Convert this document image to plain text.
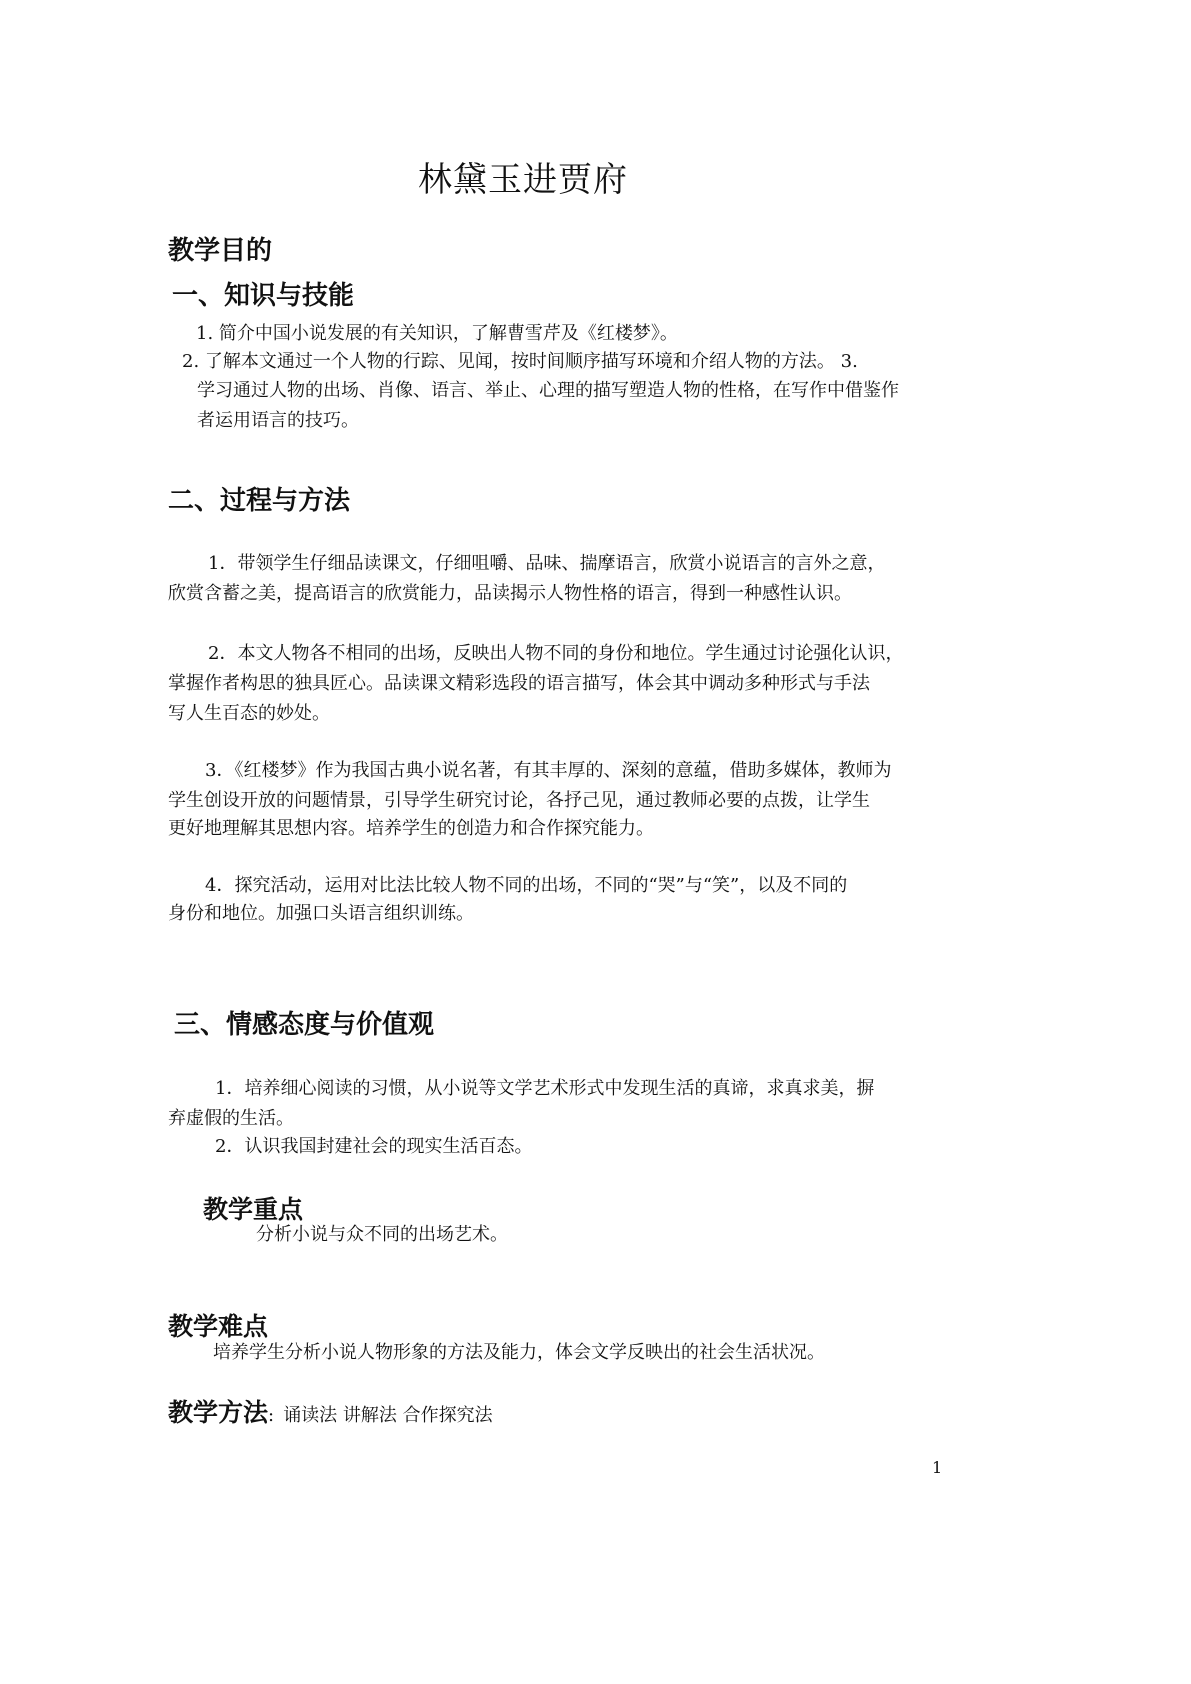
林黛玉进贾府
教学目的
一、知识与技能
1. 简介中国小说发展的有关知识，了解曹雪芹及《红楼梦》。
2. 了解本文通过一个人物的行踪、见闻，按时间顺序描写环境和介绍人物的方法。 3.
学习通过人物的出场、肖像、语言、举止、心理的描写塑造人物的性格，在写作中借鉴作
者运用语言的技巧。
二、过程与方法
1．带领学生仔细品读课文，仔细咀嚼、品味、揣摩语言，欣赏小说语言的言外之意，
欣赏含蓄之美，提高语言的欣赏能力，品读揭示人物性格的语言，得到一种感性认识。
2．本文人物各不相同的出场，反映出人物不同的身份和地位。学生通过讨论强化认识，
掌握作者构思的独具匠心。品读课文精彩选段的语言描写，体会其中调动多种形式与手法
写人生百态的妙处。
3．《红楼梦》作为我国古典小说名著，有其丰厚的、深刻的意蕴，借助多媒体，教师为
学生创设开放的问题情景，引导学生研究讨论，各抒己见，通过教师必要的点拨，让学生
更好地理解其思想内容。培养学生的创造力和合作探究能力。
4．探究活动，运用对比法比较人物不同的出场，不同的“哭”与“笑”，以及不同的
身份和地位。加强口头语言组织训练。
三、情感态度与价值观
1．培养细心阅读的习惯，从小说等文学艺术形式中发现生活的真谛，求真求美，摒
弃虚假的生活。
2．认识我国封建社会的现实生活百态。
教学重点
分析小说与众不同的出场艺术。
教学难点
培养学生分析小说人物形象的方法及能力，体会文学反映出的社会生活状况。
教学方法: 诵读法 讲解法 合作探究法
1
